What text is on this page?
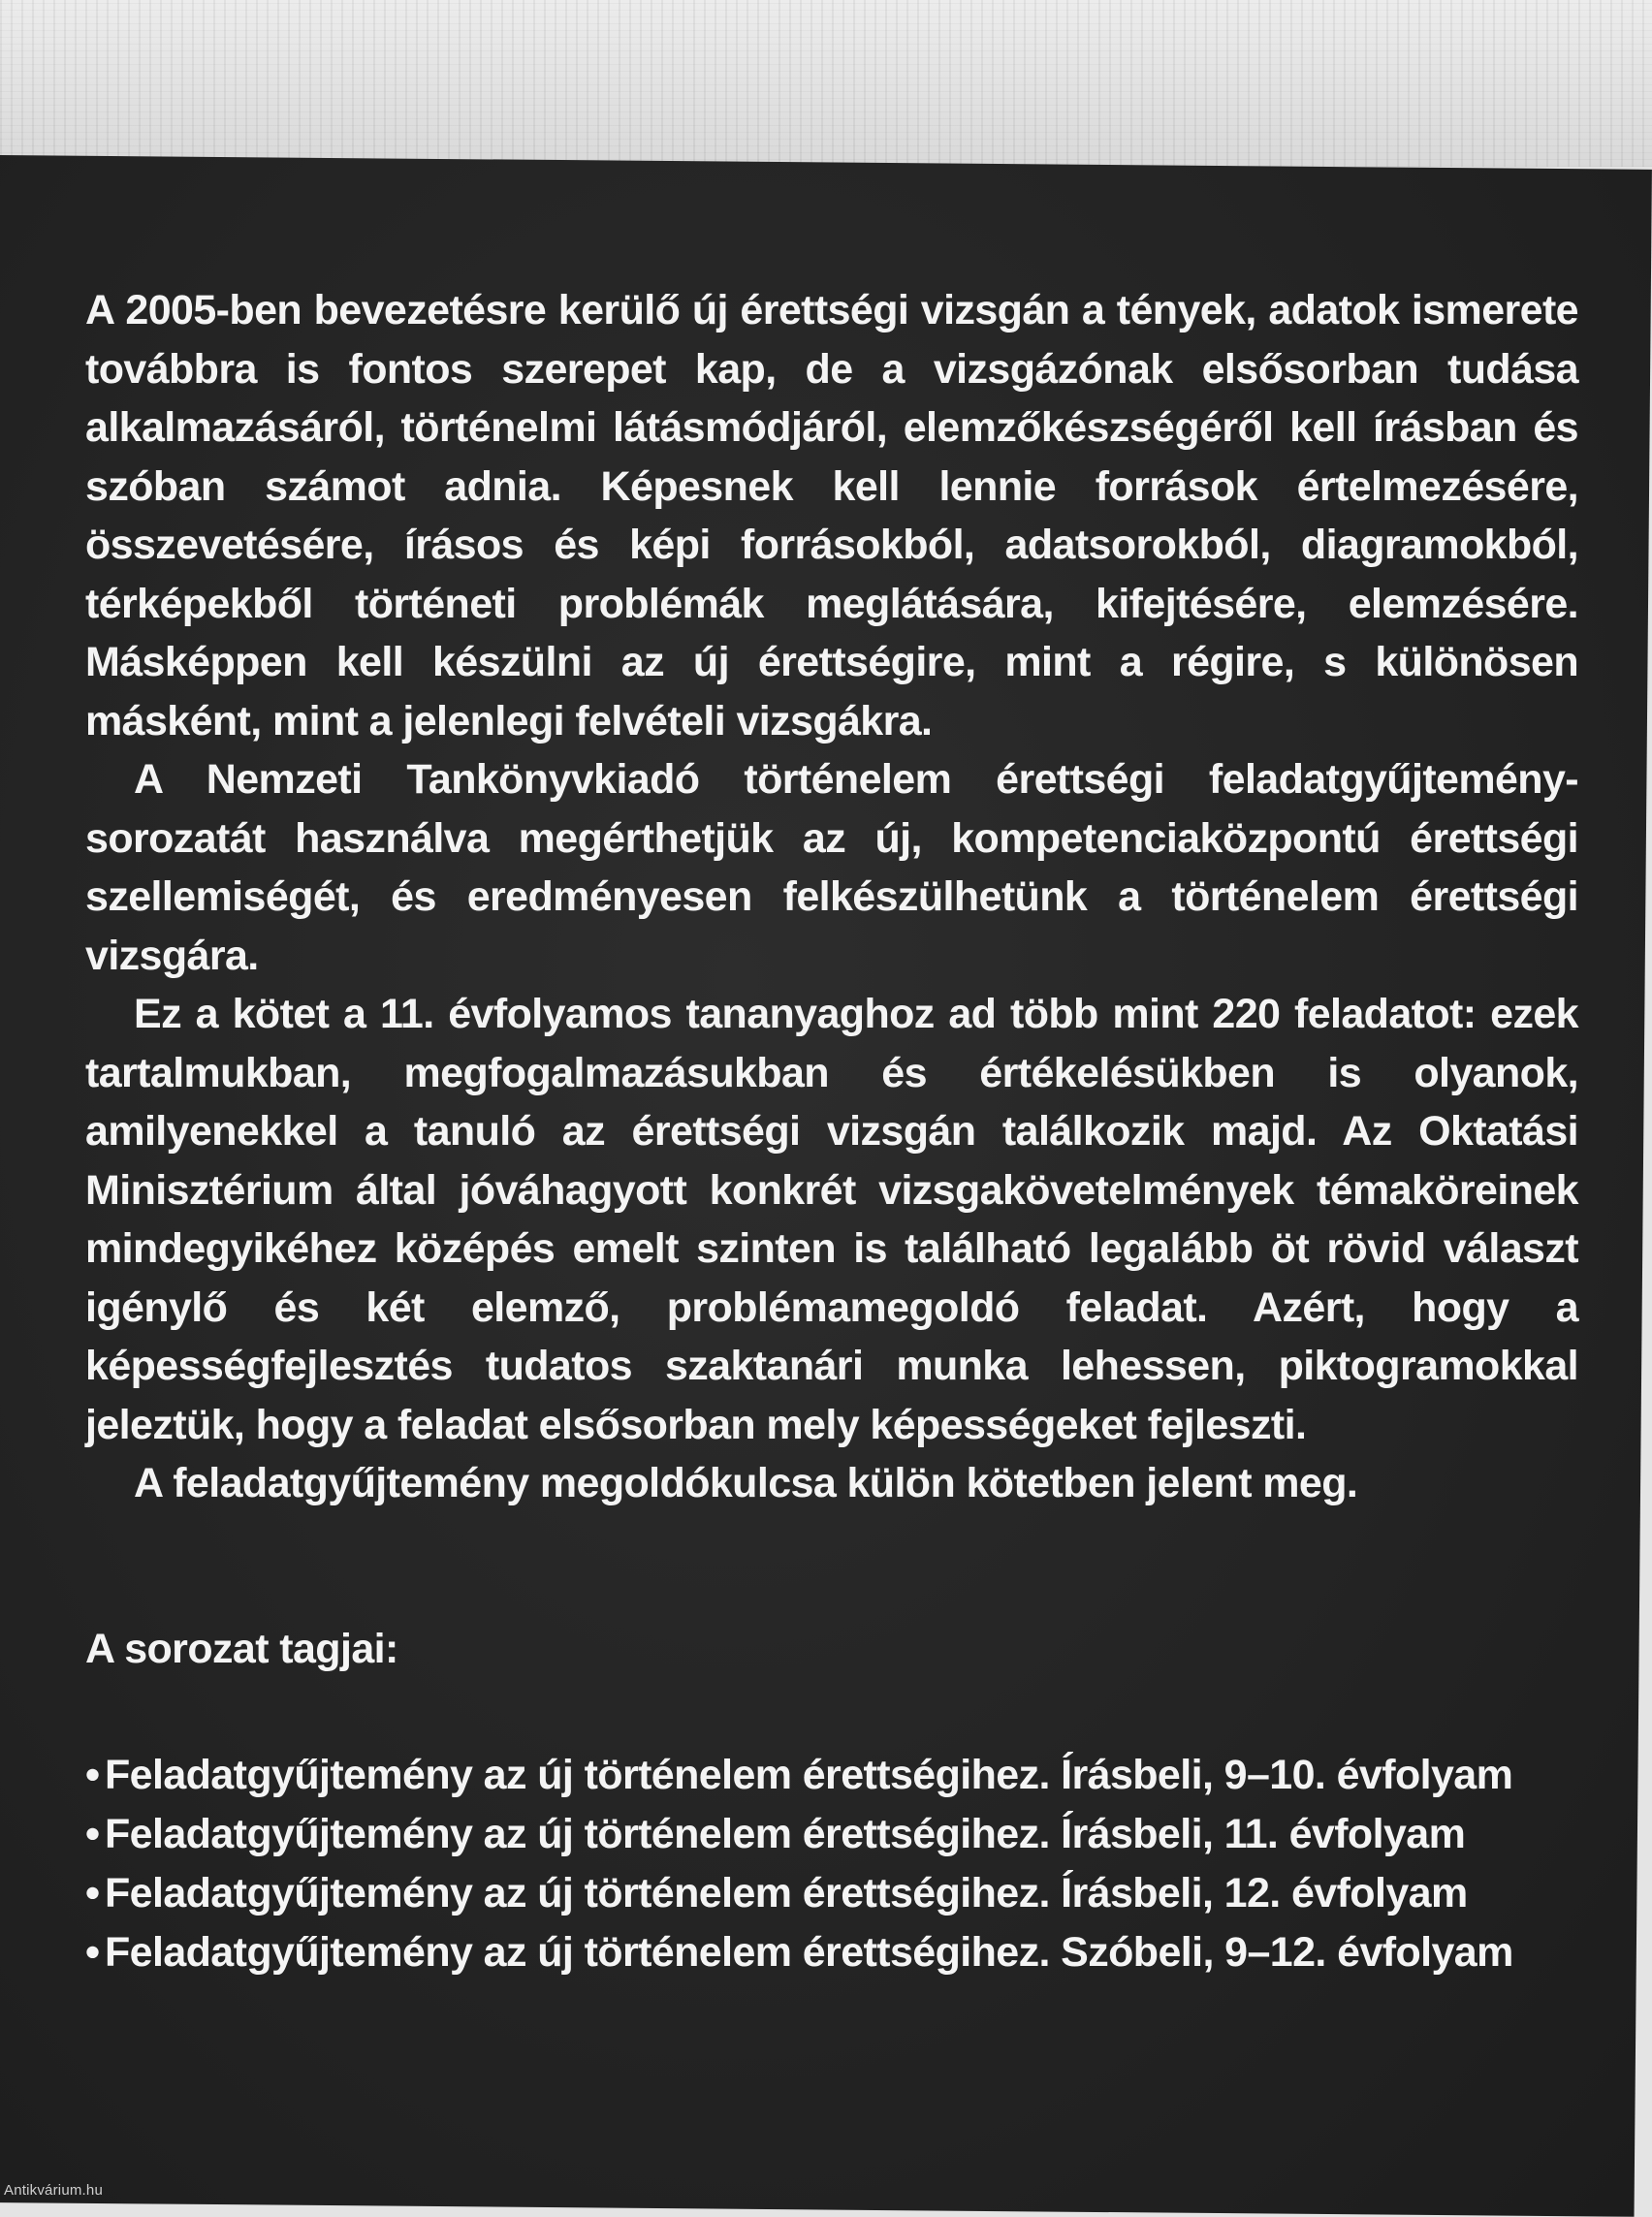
A 2005-ben bevezetésre kerülő új érettségi vizsgán a tények, adatok ismerete továbbra is fontos szerepet kap, de a vizsgázónak elsősorban tudása alkalmazásáról, történelmi látásmódjáról, elemzőkészségéről kell írásban és szóban számot adnia. Képesnek kell lennie források értelmezésére, összevetésére, írásos és képi forrásokból, adatsorokból, diagramokból, térképekből történeti problémák meglátására, kifejtésére, elemzésére. Másképpen kell készülni az új érettségire, mint a régire, s különösen másként, mint a jelenlegi felvételi vizsgákra.

A Nemzeti Tankönyvkiadó történelem érettségi feladatgyűjtemény-sorozatát használva megérthetjük az új, kompetenciaközpontú érettségi szellemiségét, és eredményesen felkészülhetünk a történelem érettségi vizsgára.

Ez a kötet a 11. évfolyamos tananyaghoz ad több mint 220 feladatot: ezek tartalmukban, megfogalmazásukban és értékelésükben is olyanok, amilyenekkel a tanuló az érettségi vizsgán találkozik majd. Az Oktatási Minisztérium által jóváhagyott konkrét vizsgakövetelmények témaköreinek mindegyikéhez középés emelt szinten is található legalább öt rövid választ igénylő és két elemző, problémamegoldó feladat. Azért, hogy a képességfejlesztés tudatos szaktanári munka lehessen, piktogramokkal jeleztük, hogy a feladat elsősorban mely képességeket fejleszti.

A feladatgyűjtemény megoldókulcsa külön kötetben jelent meg.

A sorozat tagjai:

• Feladatgyűjtemény az új történelem érettségihez. Írásbeli, 9–10. évfolyam
• Feladatgyűjtemény az új történelem érettségihez. Írásbeli, 11. évfolyam
• Feladatgyűjtemény az új történelem érettségihez. Írásbeli, 12. évfolyam
• Feladatgyűjtemény az új történelem érettségihez. Szóbeli, 9–12. évfolyam
Antikvárium.hu
